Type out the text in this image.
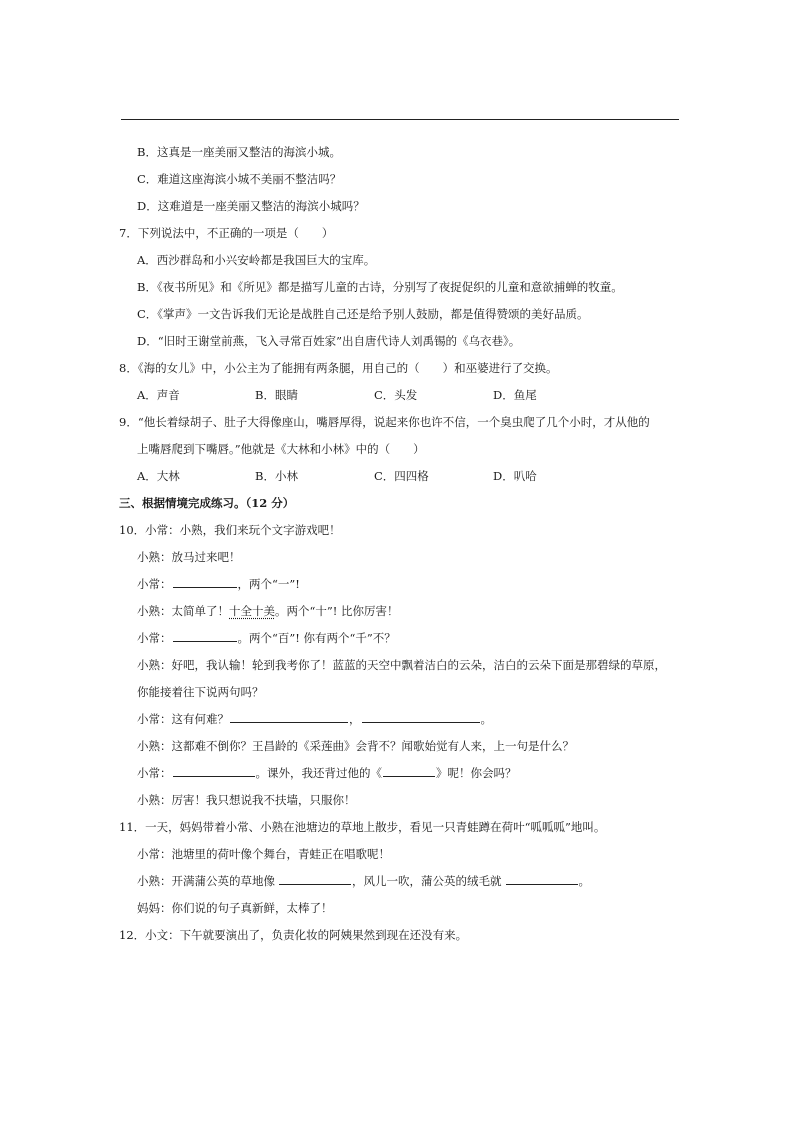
B．这真是一座美丽又整洁的海滨小城。
C．难道这座海滨小城不美丽不整洁吗？
D．这难道是一座美丽又整洁的海滨小城吗？
7．下列说法中，不正确的一项是（　　）
A．西沙群岛和小兴安岭都是我国巨大的宝库。
B．《夜书所见》和《所见》都是描写儿童的古诗，分别写了夜捉促织的儿童和意欲捕蝉的牧童。
C．《掌声》一文告诉我们无论是战胜自己还是给予别人鼓励，都是值得赞颂的美好品质。
D．“旧时王谢堂前燕，飞入寻常百姓家”出自唐代诗人刘禹锡的《乌衣巷》。
8．《海的女儿》中，小公主为了能拥有两条腿，用自己的（　　）和巫婆进行了交换。
A．声音	B．眼睛	C．头发	D．鱼尾
9．“他长着绿胡子、肚子大得像座山，嘴唇厚得，说起来你也许不信，一个臭虫爬了几个小时，才从他的
上嘴唇爬到下嘴唇。”他就是《大林和小林》中的（　　）
A．大林	B．小林	C．四四格	D．叭哈
三、根据情境完成练习。（12 分）
10．小常：小熟，我们来玩个文字游戏吧！
小熟：放马过来吧！
小常：	，两个“一”!
小熟：太简单了！十全十美。两个“十”! 比你厉害！
小常：	。两个“百”! 你有两个“千”不？
小熟：好吧，我认输！轮到我考你了！蓝蓝的天空中飘着洁白的云朵，洁白的云朵下面是那碧绿的草原，
你能接着往下说两句吗？
小常：这有何难？	，	。
小熟：这都难不倒你？王昌龄的《采莲曲》会背不？闻歌始觉有人来，上一句是什么？
小常：	。课外，我还背过他的《	》呢！你会吗？
小熟：厉害！我只想说我不扶墙，只服你！
11．一天，妈妈带着小常、小熟在池塘边的草地上散步，看见一只青蛙蹲在荷叶“呱呱呱”地叫。
小常：池塘里的荷叶像个舞台，青蛙正在唱歌呢！
小熟：开满蒲公英的草地像	，风儿一吹，蒲公英的绒毛就	。
妈妈：你们说的句子真新鲜，太棒了！
12．小文：下午就要演出了，负责化妆的阿姨果然到现在还没有来。
